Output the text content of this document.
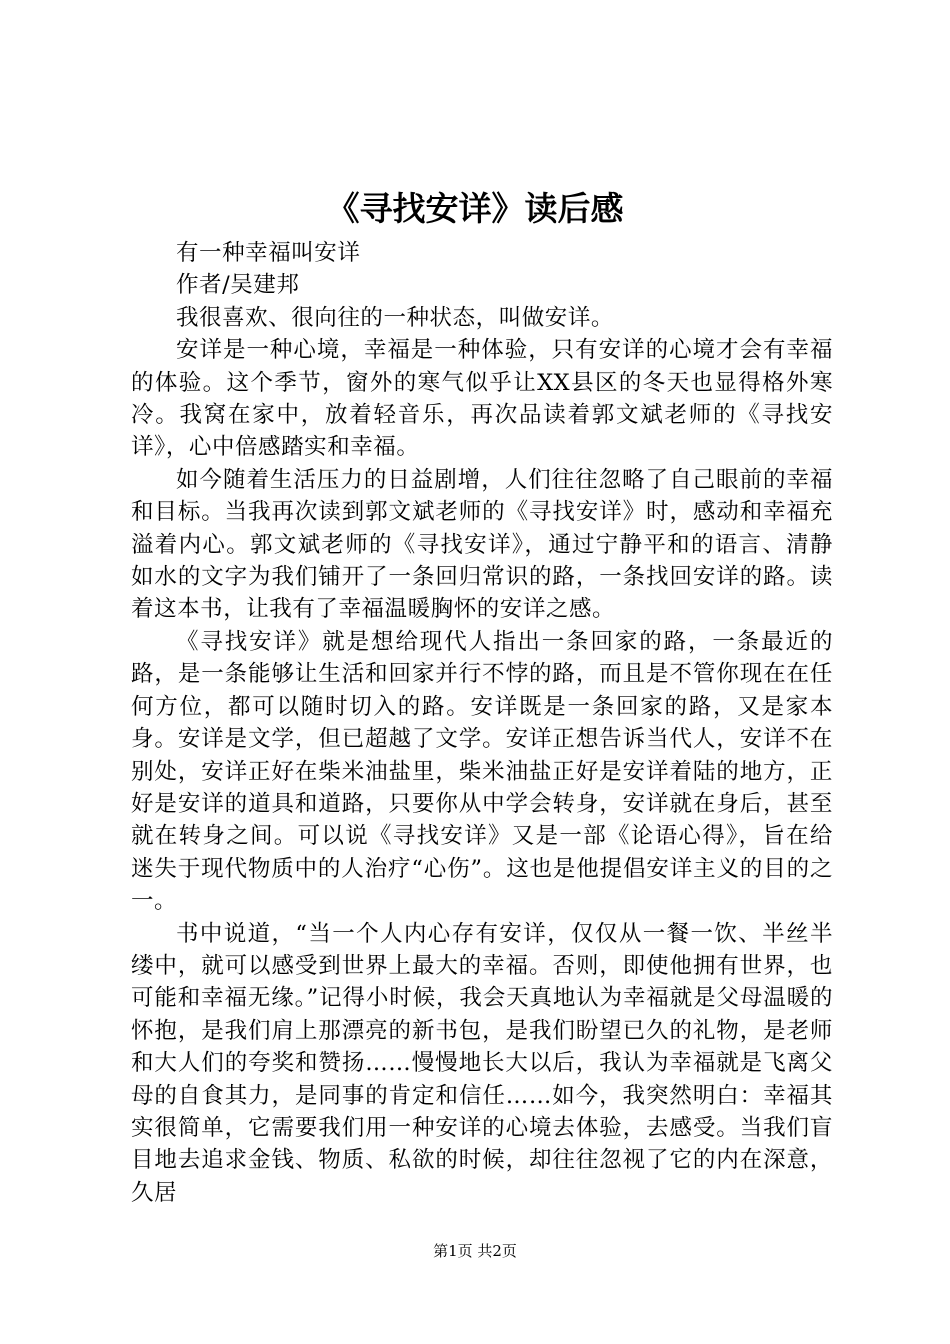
《寻找安详》读后感

有一种幸福叫安详

作者/吴建邦

我很喜欢、很向往的一种状态，叫做安详。

安详是一种心境，幸福是一种体验，只有安详的心境才会有幸福的体验。这个季节，窗外的寒气似乎让XX县区的冬天也显得格外寒冷。我窝在家中，放着轻音乐，再次品读着郭文斌老师的《寻找安详》，心中倍感踏实和幸福。

如今随着生活压力的日益剧增，人们往往忽略了自己眼前的幸福和目标。当我再次读到郭文斌老师的《寻找安详》时，感动和幸福充溢着内心。郭文斌老师的《寻找安详》，通过宁静平和的语言、清静如水的文字为我们铺开了一条回归常识的路，一条找回安详的路。读着这本书，让我有了幸福温暖胸怀的安详之感。

《寻找安详》就是想给现代人指出一条回家的路，一条最近的路，是一条能够让生活和回家并行不悖的路，而且是不管你现在在任何方位，都可以随时切入的路。安详既是一条回家的路，又是家本身。安详是文学，但已超越了文学。安详正想告诉当代人，安详不在别处，安详正好在柴米油盐里，柴米油盐正好是安详着陆的地方，正好是安详的道具和道路，只要你从中学会转身，安详就在身后，甚至就在转身之间。可以说《寻找安详》又是一部《论语心得》，旨在给迷失于现代物质中的人治疗“心伤”。这也是他提倡安详主义的目的之一。

书中说道，“当一个人内心存有安详，仅仅从一餐一饮、半丝半缕中，就可以感受到世界上最大的幸福。否则，即使他拥有世界，也可能和幸福无缘。”记得小时候，我会天真地认为幸福就是父母温暖的怀抱，是我们肩上那漂亮的新书包，是我们盼望已久的礼物，是老师和大人们的夸奖和赞扬……慢慢地长大以后，我认为幸福就是飞离父母的自食其力，是同事的肯定和信任……如今，我突然明白：幸福其实很简单，它需要我们用一种安详的心境去体验，去感受。当我们盲目地去追求金钱、物质、私欲的时候，却往往忽视了它的内在深意，久居

第1页 共2页
